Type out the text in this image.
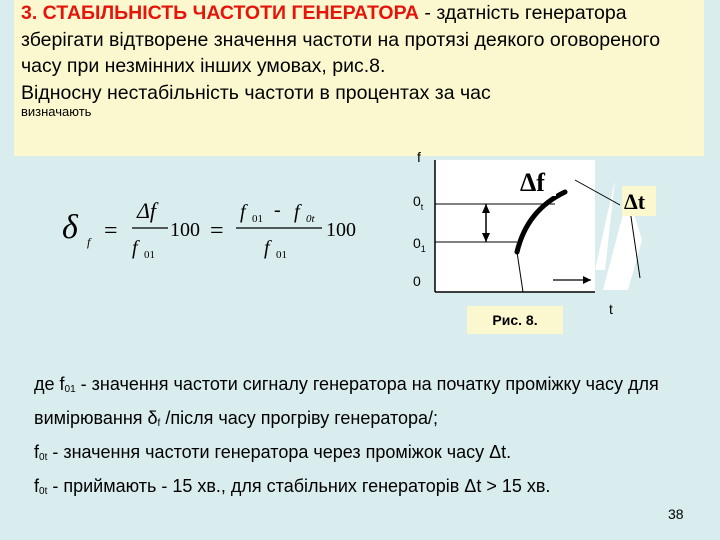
3. СТАБІЛЬНІСТЬ ЧАСТОТИ ГЕНЕРАТОРА - здатність генератора зберігати відтворене значення частоти на протязі деякого оговореного часу при незмінних інших умовах, рис.8.
Відносну нестабільність частоти в процентах за час
визначають
δ f =
Δf
f 01
100 =
f 01 - f 0t
f 01
100
Δf
Δt
f
t
$0_t$
$0_1$
0
Рис. 8.

де $f_{01}$ - значення частоти сигналу генератора на початку проміжку часу для вимірювання $\delta_f$ /після часу прогріву генератора/;

$f_{0t}$ - значення частоти генератора через проміжок часу Δt.

$f_{0t}$ - приймають - 15 хв., для стабільних генераторів Δt > 15 хв.

38
